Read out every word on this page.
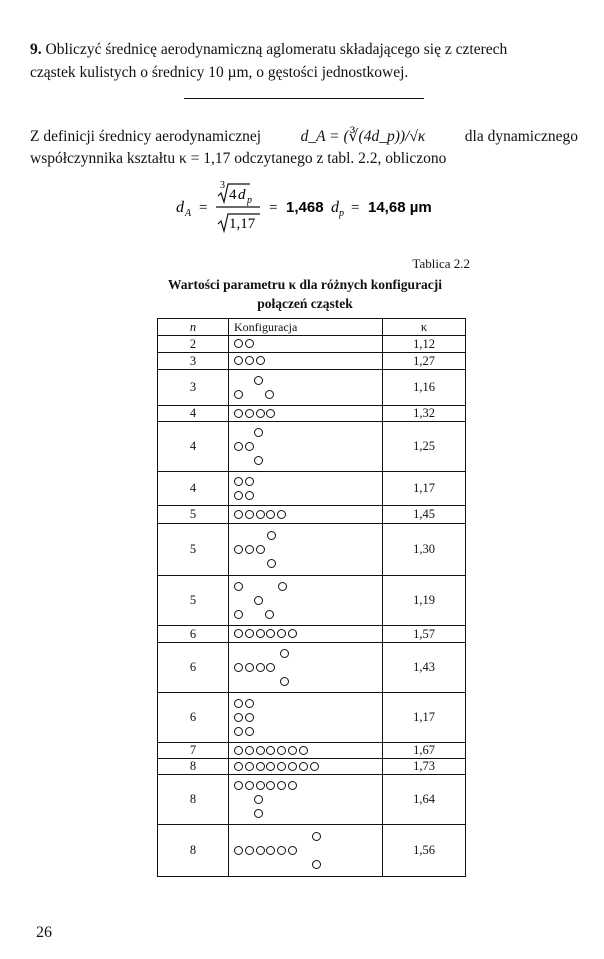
9. Obliczyć średnicę aerodynamiczną aglomeratu składającego się z czterech
cząstek kulistych o średnicy 10 µm, o gęstości jednostkowej.
Z definicji średnicy aerodynamicznej	d_A = (∛(4d_p))/√κ	dla dynamicznego
współczynnika kształtu κ = 1,17 odczytanego z tabl. 2.2, obliczono
d A =
3
4 d p
1,17
= 1,468 d p = 14,68 µm
Tablica 2.2
Wartości parametru κ dla różnych konfiguracji
połączeń cząstek
n	Konfiguracja	κ
2		1,12
3		1,27
3		1,16
4		1,32
4		1,25
4		1,17
5		1,45
5		1,30
5		1,19
6		1,57
6		1,43
6		1,17
7		1,67
8		1,73
8		1,64
8		1,56
26
